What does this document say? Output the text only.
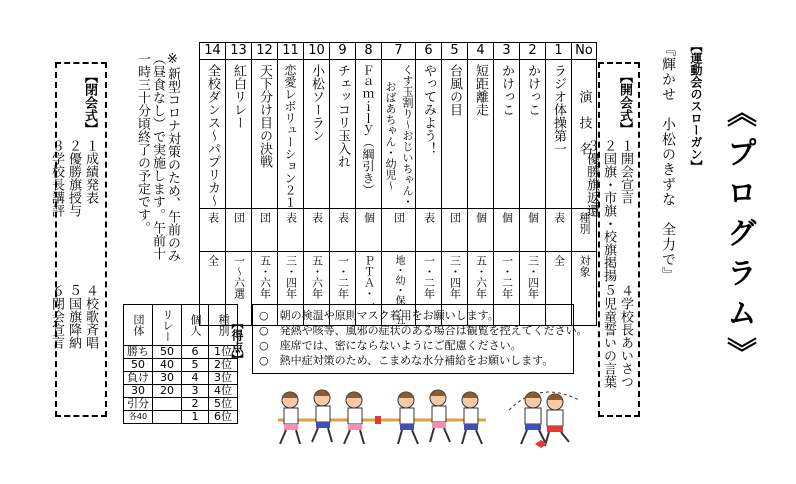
《プログラム》
【運動会のスローガン】
『輝かせ　小松のきずな　全力で』
【開会式】
１開会宣言
２国旗・市旗・校旗掲揚
３優勝旗返還
４学校長あいさつ
５児童誓いの言葉
【閉会式】
１成績発表
２優勝旗授与
３学校長講評
４校歌斉唱
５国旗降納
６閉会宣言
14	13	12	11	10	9	8	7	6	5	4	3	2	1	No

全校ダンス〜パプリカ〜	紅白リレー	天下分け目の決戦	恋愛レボリューション２１	小松ソーラン	チェッコリ玉入れ	Ｆａｍｉｌｙ（綱引き）	くす玉割り〜おじいちゃん・
おばあちゃん・幼児〜	やってみよう！	台風の目	短距離走	かけっこ	かけっこ	ラジオ体操第一	演　技　名

表	団	団	表	表	表	個	団	表	団	個	個	個	表	種別

全	一〜六選	五・六年	三・四年	五・六年	一・二年	ＰＴＡ・一	地・幼・保・五	一・二年	三・四年	五・六年	一・二年	三・四年	全	対象
※新型コロナ対策のため、午前のみ（昼食なし）で実施します。午前十一時三十分頃終了の予定です。
【得点】
団体	リレー	個人	種別

勝ち	50	6	1位
50	40	5	2位
負け	30	4	3位
30	20	3	4位
引分		2	5位
各40		1	6位
○　朝の検温や原則マスク着用をお願いします。
○　発熱や咳等、風邪の症状のある場合は観覧を控えてください。
○　座席では、密にならないようにご配慮ください。
○　熱中症対策のため、こまめな水分補給をお願いします。
